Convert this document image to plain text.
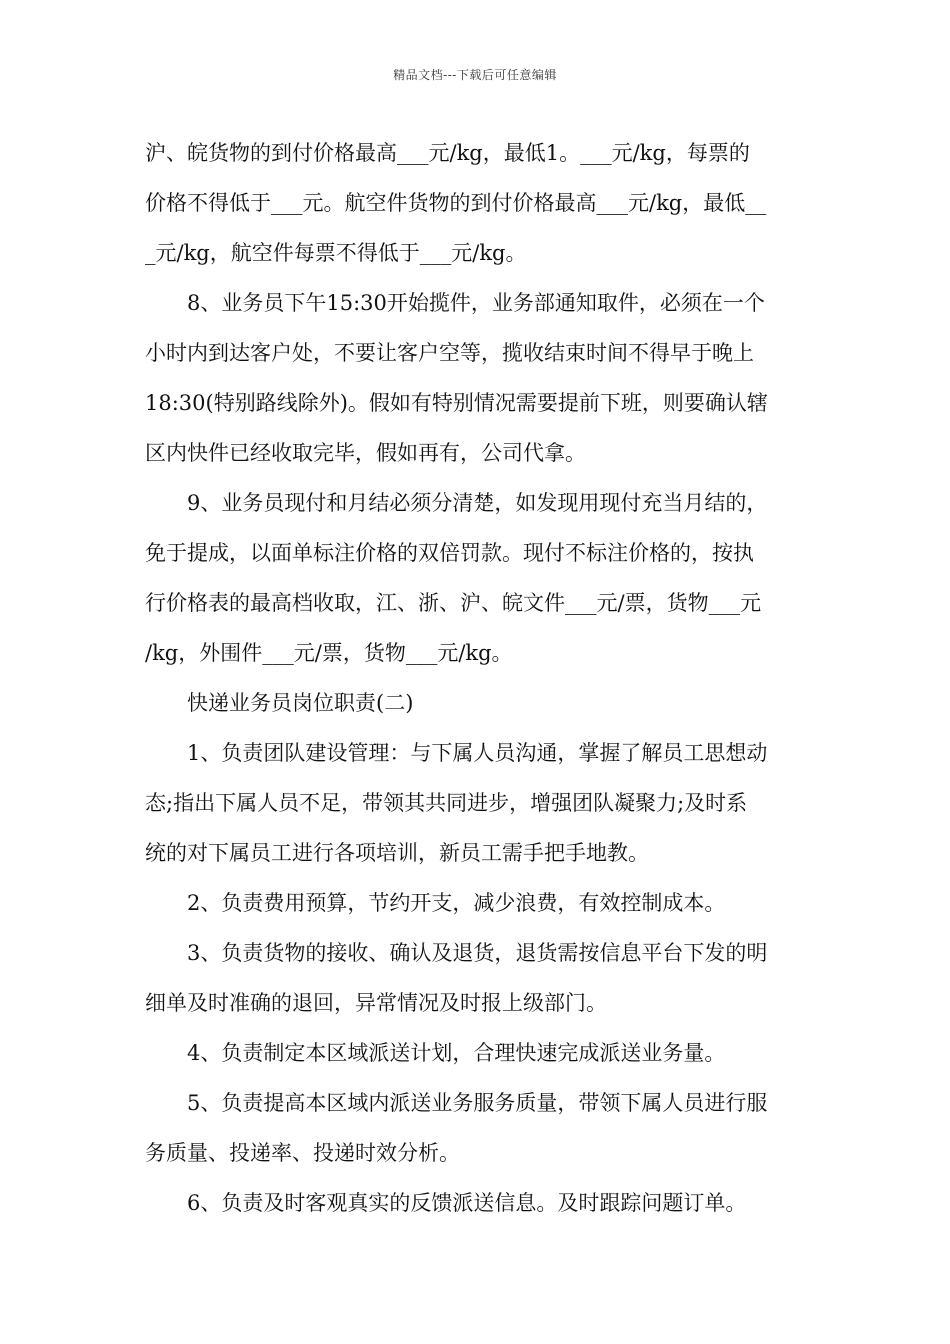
精品文档---下载后可任意编辑
沪、皖货物的到付价格最高___元/kg，最低1。___元/kg，每票的
价格不得低于___元。航空件货物的到付价格最高___元/kg，最低__
_元/kg，航空件每票不得低于___元/kg。
8、业务员下午15:30开始揽件，业务部通知取件，必须在一个
小时内到达客户处，不要让客户空等，揽收结束时间不得早于晚上
18:30(特别路线除外)。假如有特别情况需要提前下班，则要确认辖
区内快件已经收取完毕，假如再有，公司代拿。
9、业务员现付和月结必须分清楚，如发现用现付充当月结的，
免于提成，以面单标注价格的双倍罚款。现付不标注价格的，按执
行价格表的最高档收取，江、浙、沪、皖文件___元/票，货物___元
/kg，外围件___元/票，货物___元/kg。
快递业务员岗位职责(二)
1、负责团队建设管理：与下属人员沟通，掌握了解员工思想动
态;指出下属人员不足，带领其共同进步，增强团队凝聚力;及时系
统的对下属员工进行各项培训，新员工需手把手地教。
2、负责费用预算，节约开支，减少浪费，有效控制成本。
3、负责货物的接收、确认及退货，退货需按信息平台下发的明
细单及时准确的退回，异常情况及时报上级部门。
4、负责制定本区域派送计划，合理快速完成派送业务量。
5、负责提高本区域内派送业务服务质量，带领下属人员进行服
务质量、投递率、投递时效分析。
6、负责及时客观真实的反馈派送信息。及时跟踪问题订单。
